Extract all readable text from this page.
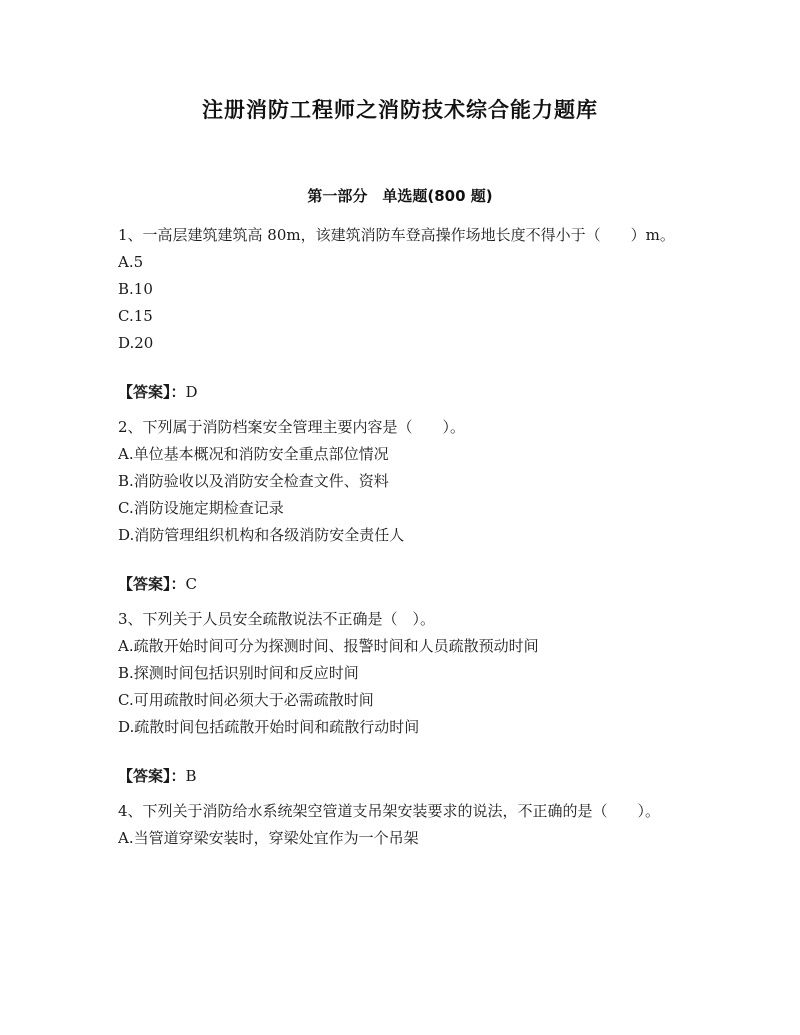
注册消防工程师之消防技术综合能力题库
第一部分　单选题(800 题)

1、一高层建筑建筑高 80m，该建筑消防车登高操作场地长度不得小于（　　）m。

A.5

B.10

C.15

D.20

【答案】：D

2、下列属于消防档案安全管理主要内容是（　　）。

A.单位基本概况和消防安全重点部位情况

B.消防验收以及消防安全检查文件、资料

C.消防设施定期检查记录

D.消防管理组织机构和各级消防安全责任人

【答案】：C

3、下列关于人员安全疏散说法不正确是（　）。

A.疏散开始时间可分为探测时间、报警时间和人员疏散预动时间

B.探测时间包括识别时间和反应时间

C.可用疏散时间必须大于必需疏散时间

D.疏散时间包括疏散开始时间和疏散行动时间

【答案】：B

4、下列关于消防给水系统架空管道支吊架安装要求的说法，不正确的是（　　）。

A.当管道穿梁安装时，穿梁处宜作为一个吊架
